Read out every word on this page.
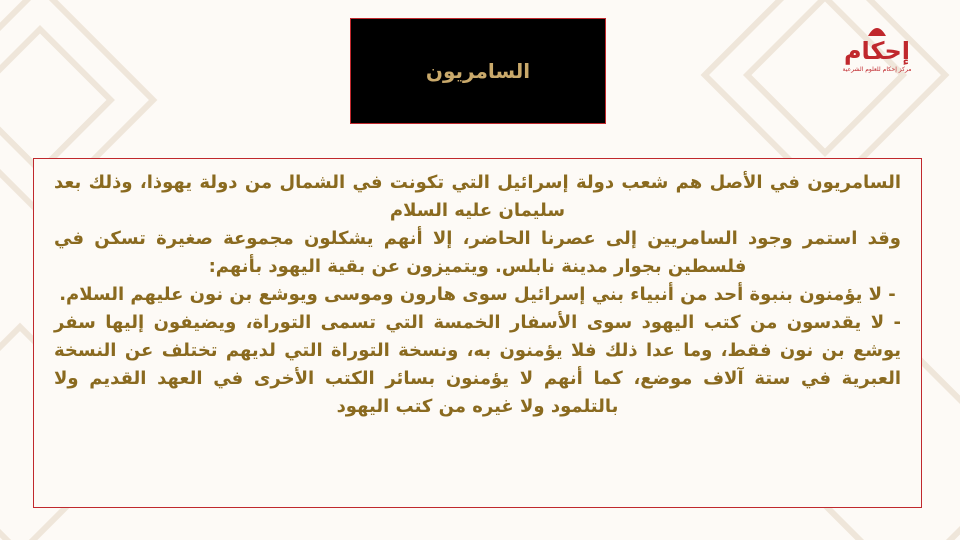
السامريون
إحكام
مركز إحكام للعلوم الشرعية

السامريون في الأصل هم شعب دولة إسرائيل التي تكونت في الشمال من دولة يهوذا، وذلك بعد سليمان عليه السلام

وقد استمر وجود السامريين إلى عصرنا الحاضر، إلا أنهم يشكلون مجموعة صغيرة تسكن في فلسطين بجوار مدينة نابلس. ويتميزون عن بقية اليهود بأنهم:

- لا يؤمنون بنبوة أحد من أنبياء بني إسرائيل سوى هارون وموسى ويوشع بن نون عليهم السلام.

- لا يقدسون من كتب اليهود سوى الأسفار الخمسة التي تسمى التوراة، ويضيفون إليها سفر يوشع بن نون فقط، وما عدا ذلك فلا يؤمنون به، ونسخة التوراة التي لديهم تختلف عن النسخة العبرية في ستة آلاف موضع، كما أنهم لا يؤمنون بسائر الكتب الأخرى في العهد القديم ولا بالتلمود ولا غيره من كتب اليهود
